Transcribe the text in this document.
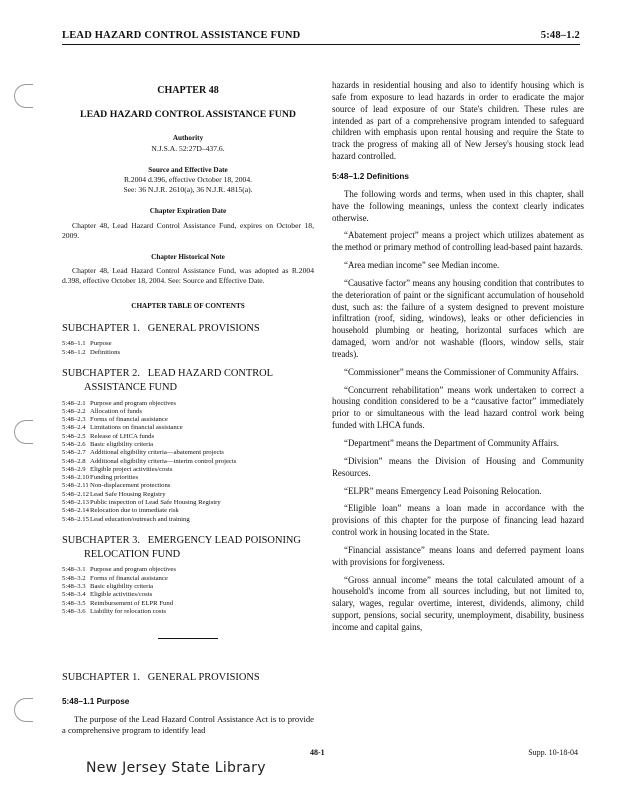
LEAD HAZARD CONTROL ASSISTANCE FUND	5:48–1.2
CHAPTER 48
LEAD HAZARD CONTROL ASSISTANCE FUND
Authority
N.J.S.A. 52:27D–437.6.
Source and Effective Date
R.2004 d.396, effective October 18, 2004.
See: 36 N.J.R. 2610(a), 36 N.J.R. 4815(a).
Chapter Expiration Date
Chapter 48, Lead Hazard Control Assistance Fund, expires on October 18, 2009.
Chapter Historical Note
Chapter 48, Lead Hazard Control Assistance Fund, was adopted as R.2004 d.398, effective October 18, 2004. See: Source and Effective Date.
CHAPTER TABLE OF CONTENTS
SUBCHAPTER 1. GENERAL PROVISIONS
5:48–1.1 Purpose
5:48–1.2 Definitions
SUBCHAPTER 2. LEAD HAZARD CONTROL
ASSISTANCE FUND
5:48–2.1 Purpose and program objectives
5:48–2.2 Allocation of funds
5:48–2.3 Forms of financial assistance
5:48–2.4 Limitations on financial assistance
5:48–2.5 Release of LHCA funds
5:48–2.6 Basic eligibility criteria
5:48–2.7 Additional eligibility criteria—abatement projects
5:48–2.8 Additional eligibility criteria—interim control projects
5:48–2.9 Eligible project activities/costs
5:48–2.10 Funding priorities
5:48–2.11 Non-displacement protections
5:48–2.12 Lead Safe Housing Registry
5:48–2.13 Public inspection of Lead Safe Housing Registry
5:48–2.14 Relocation due to immediate risk
5:48–2.15 Lead education/outreach and training
SUBCHAPTER 3. EMERGENCY LEAD POISONING
RELOCATION FUND
5:48–3.1 Purpose and program objectives
5:48–3.2 Forms of financial assistance
5:48–3.3 Basic eligibility criteria
5:48–3.4 Eligible activities/costs
5:48–3.5 Reimbursement of ELPR Fund
5:48–3.6 Liability for relocation costs
SUBCHAPTER 1. GENERAL PROVISIONS
5:48–1.1 Purpose
The purpose of the Lead Hazard Control Assistance Act is to provide a comprehensive program to identify lead
hazards in residential housing and also to identify housing which is safe from exposure to lead hazards in order to eradicate the major source of lead exposure of our State's children. These rules are intended as part of a comprehensive program intended to safeguard children with emphasis upon rental housing and require the State to track the progress of making all of New Jersey's housing stock lead hazard controlled.
5:48–1.2 Definitions
The following words and terms, when used in this chapter, shall have the following meanings, unless the context clearly indicates otherwise.
“Abatement project” means a project which utilizes abatement as the method or primary method of controlling lead-based paint hazards.
“Area median income” see Median income.
“Causative factor” means any housing condition that contributes to the deterioration of paint or the significant accumulation of household dust, such as: the failure of a system designed to prevent moisture infiltration (roof, siding, windows), leaks or other deficiencies in household plumbing or heating, horizontal surfaces which are damaged, worn and/or not washable (floors, window sells, stair treads).
“Commissioner” means the Commissioner of Community Affairs.
“Concurrent rehabilitation” means work undertaken to correct a housing condition considered to be a “causative factor” immediately prior to or simultaneous with the lead hazard control work being funded with LHCA funds.
“Department” means the Department of Community Affairs.
“Division” means the Division of Housing and Community Resources.
“ELPR” means Emergency Lead Poisoning Relocation.
“Eligible loan” means a loan made in accordance with the provisions of this chapter for the purpose of financing lead hazard control work in housing located in the State.
“Financial assistance” means loans and deferred payment loans with provisions for forgiveness.
“Gross annual income” means the total calculated amount of a household's income from all sources including, but not limited to, salary, wages, regular overtime, interest, dividends, alimony, child support, pensions, social security, unemployment, disability, business income and capital gains,
48-1	Supp. 10-18-04
New Jersey State Library
